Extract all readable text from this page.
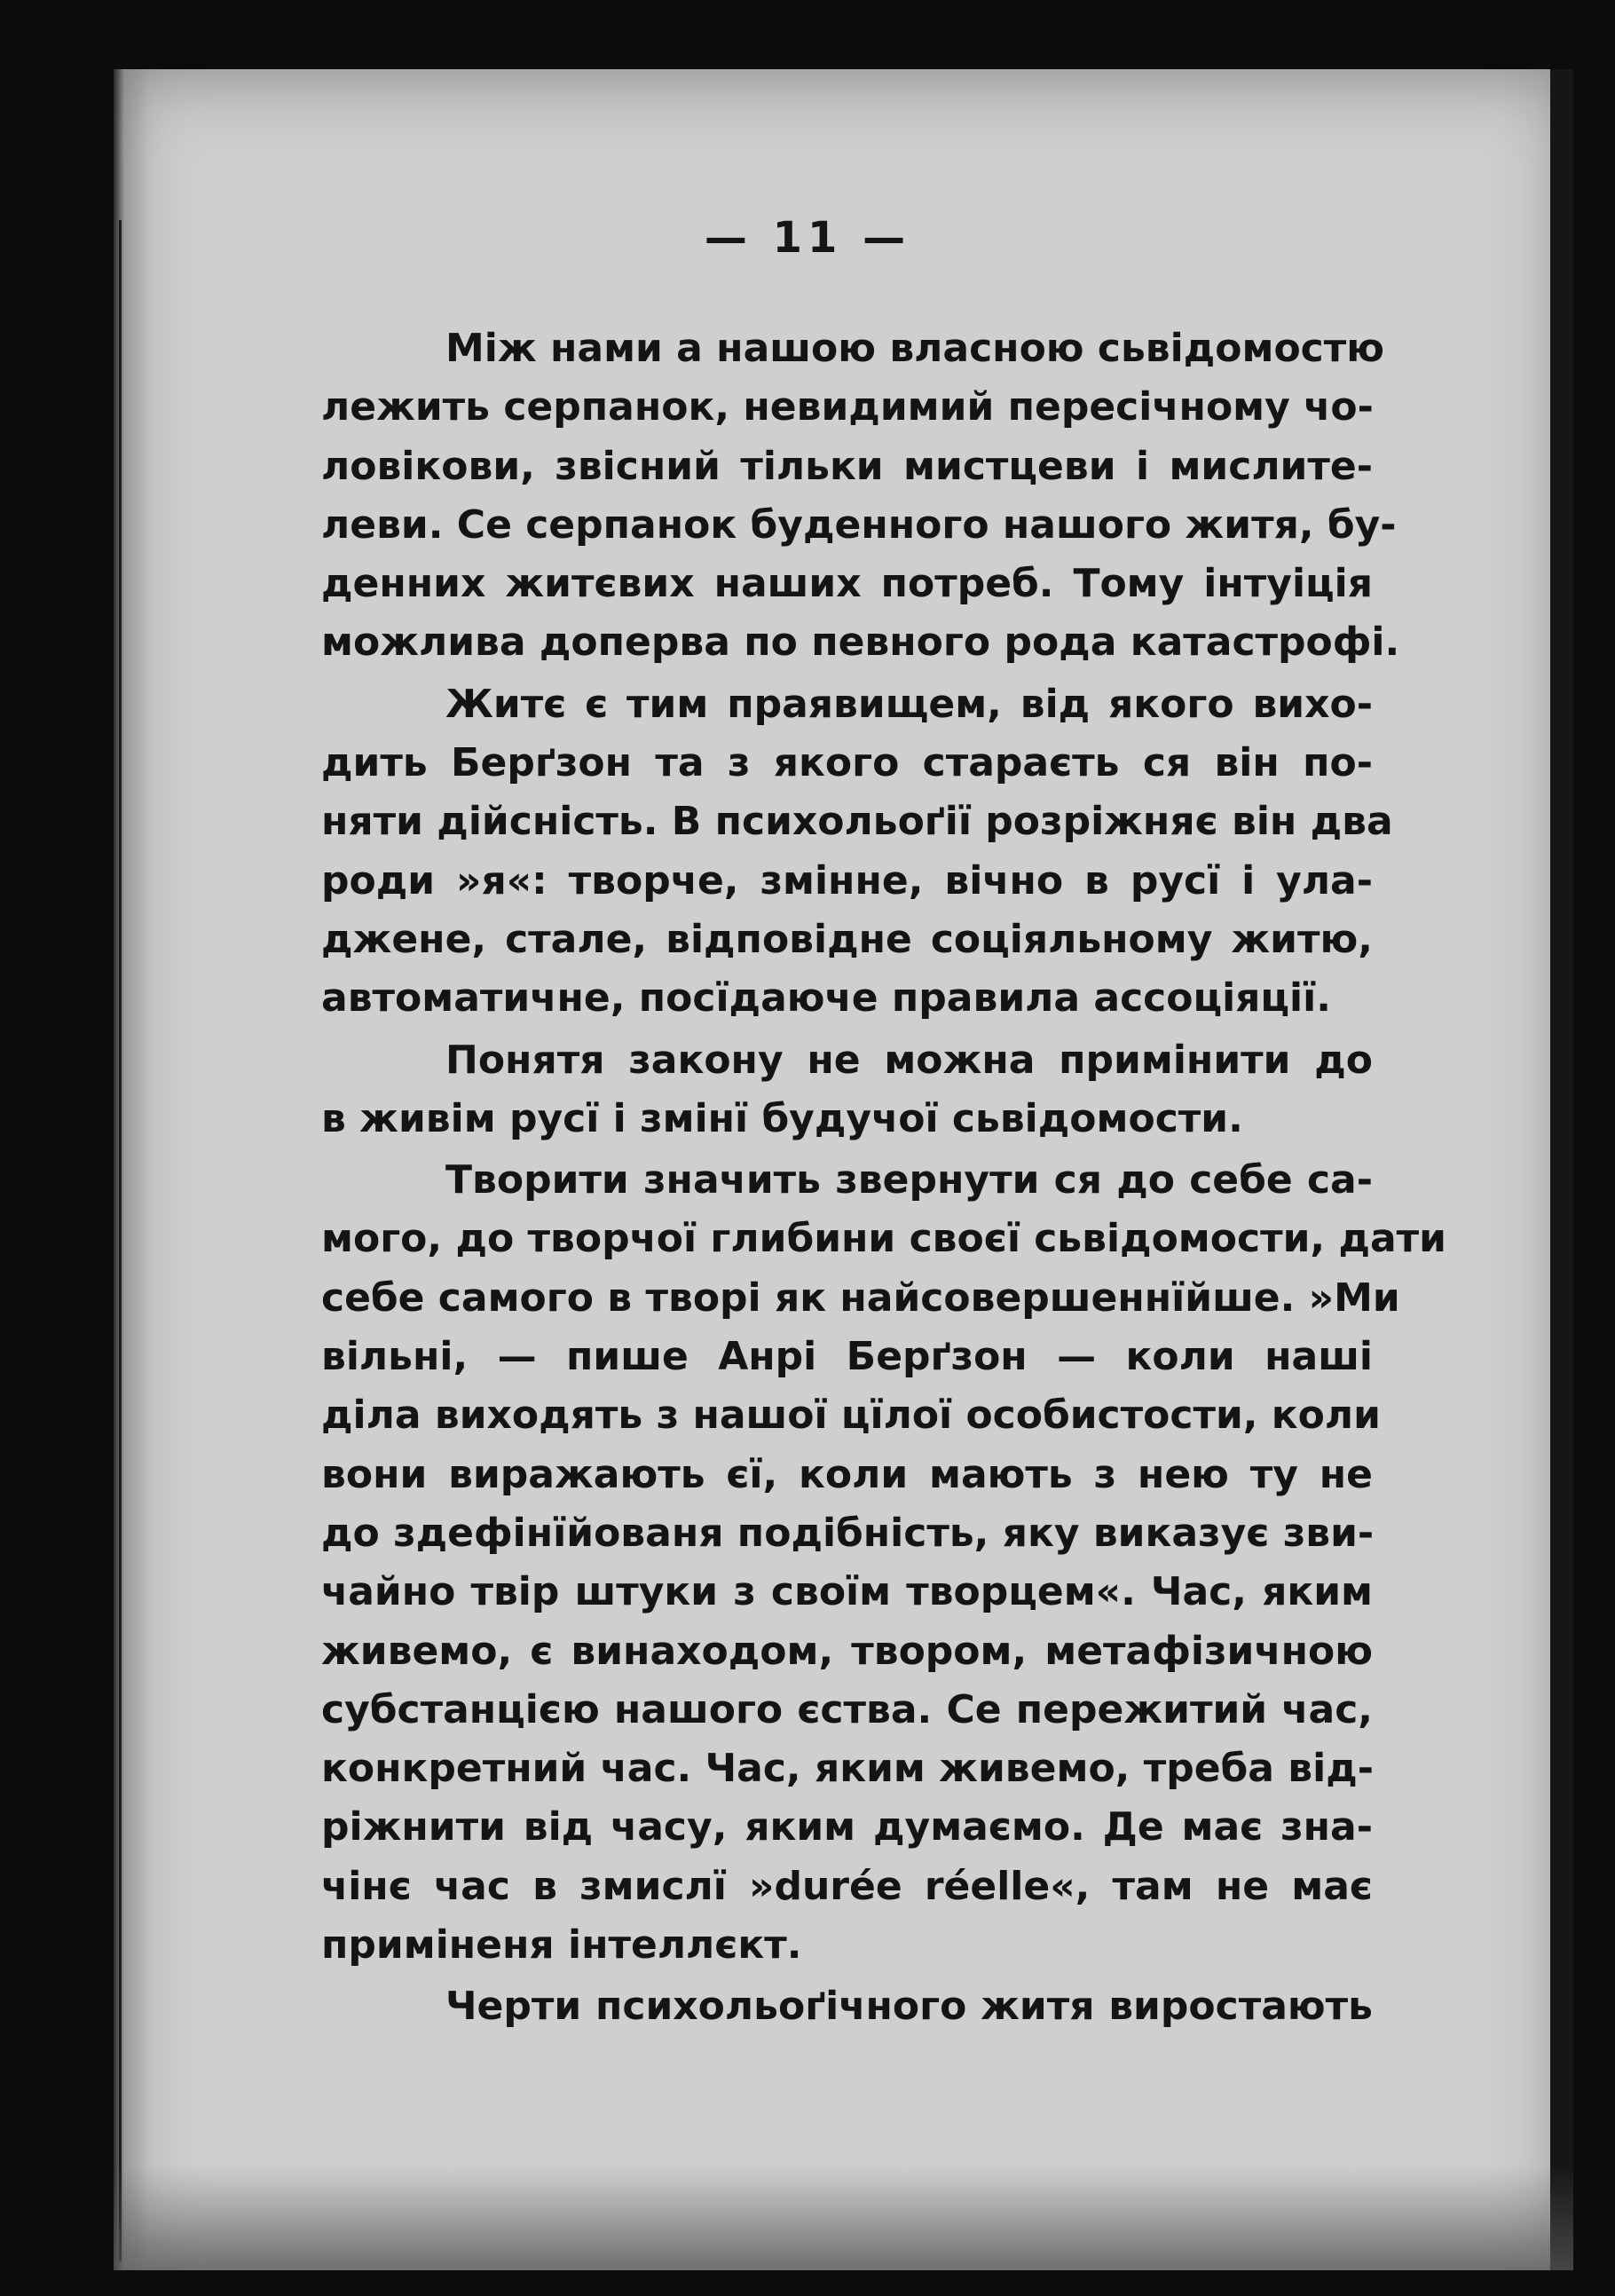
— 11 —
Між нами а нашою власною сьвідомостю
лежить серпанок, невидимий пересічному чо-
ловікови, звісний тільки мистцеви і мислите-
леви. Се серпанок буденного нашого житя, бу-
денних житєвих наших потреб. Тому інтуіція
можлива доперва по певного рода катастрофі.
Житє є тим праявищем, від якого вихо-
дить Берґзон та з якого стараєть ся він по-
няти дійсність. В психольоґії розріжняє він два
роди »я«: творче, змінне, вічно в русї і ула-
джене, стале, відповідне соціяльному житю,
автоматичне, посїдаюче правила ассоціяції.
Понятя закону не можна примінити до
в живім русї і змінї будучої сьвідомости.
Творити значить звернути ся до себе са-
мого, до творчої глибини своєї сьвідомости, дати
себе самого в творі як найсовершеннїйше. »Ми
вільні, — пише Анрі Берґзон — коли наші
діла виходять з нашої цїлої особистости, коли
вони виражають єї, коли мають з нею ту не
до здефінїйованя подібність, яку виказує зви-
чайно твір штуки з своїм творцем«. Час, яким
живемо, є винаходом, твором, метафізичною
субстанцією нашого єства. Се пережитий час,
конкретний час. Час, яким живемо, треба від-
ріжнити від часу, яким думаємо. Де має зна-
чінє час в змислї »durée réelle«, там не має
приміненя інтеллєкт.
Черти психольоґічного житя виростають
